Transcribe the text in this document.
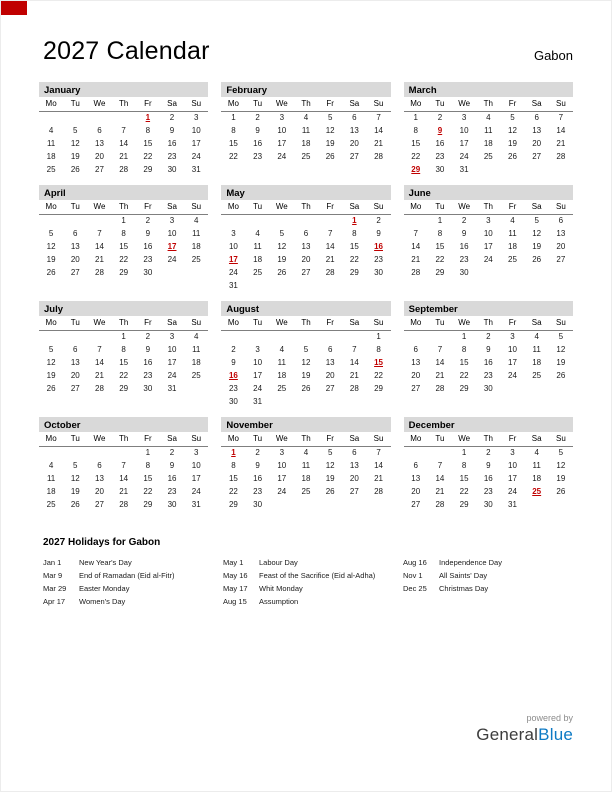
2027 Calendar	Gabon
January
Mo	Tu	We	Th	Fr	Sa	Su
				1	2	3
4	5	6	7	8	9	10
11	12	13	14	15	16	17
18	19	20	21	22	23	24
25	26	27	28	29	30	31
February
Mo	Tu	We	Th	Fr	Sa	Su
1	2	3	4	5	6	7
8	9	10	11	12	13	14
15	16	17	18	19	20	21
22	23	24	25	26	27	28
March
Mo	Tu	We	Th	Fr	Sa	Su
1	2	3	4	5	6	7
8	9	10	11	12	13	14
15	16	17	18	19	20	21
22	23	24	25	26	27	28
29	30	31				
April
Mo	Tu	We	Th	Fr	Sa	Su
			1	2	3	4
5	6	7	8	9	10	11
12	13	14	15	16	17	18
19	20	21	22	23	24	25
26	27	28	29	30		
May
Mo	Tu	We	Th	Fr	Sa	Su
					1	2
3	4	5	6	7	8	9
10	11	12	13	14	15	16
17	18	19	20	21	22	23
24	25	26	27	28	29	30
31						
June
Mo	Tu	We	Th	Fr	Sa	Su
	1	2	3	4	5	6
7	8	9	10	11	12	13
14	15	16	17	18	19	20
21	22	23	24	25	26	27
28	29	30				
July
Mo	Tu	We	Th	Fr	Sa	Su
			1	2	3	4
5	6	7	8	9	10	11
12	13	14	15	16	17	18
19	20	21	22	23	24	25
26	27	28	29	30	31	
August
Mo	Tu	We	Th	Fr	Sa	Su
						1
2	3	4	5	6	7	8
9	10	11	12	13	14	15
16	17	18	19	20	21	22
23	24	25	26	27	28	29
30	31					
September
Mo	Tu	We	Th	Fr	Sa	Su
		1	2	3	4	5
6	7	8	9	10	11	12
13	14	15	16	17	18	19
20	21	22	23	24	25	26
27	28	29	30			
October
Mo	Tu	We	Th	Fr	Sa	Su
				1	2	3
4	5	6	7	8	9	10
11	12	13	14	15	16	17
18	19	20	21	22	23	24
25	26	27	28	29	30	31
November
Mo	Tu	We	Th	Fr	Sa	Su
1	2	3	4	5	6	7
8	9	10	11	12	13	14
15	16	17	18	19	20	21
22	23	24	25	26	27	28
29	30					
December
Mo	Tu	We	Th	Fr	Sa	Su
		1	2	3	4	5
6	7	8	9	10	11	12
13	14	15	16	17	18	19
20	21	22	23	24	25	26
27	28	29	30	31		
2027 Holidays for Gabon
Jan 1	New Year's Day
Mar 9	End of Ramadan (Eid al-Fitr)
Mar 29	Easter Monday
Apr 17	Women's Day
May 1	Labour Day
May 16	Feast of the Sacrifice (Eid al-Adha)
May 17	Whit Monday
Aug 15	Assumption
Aug 16	Independence Day
Nov 1	All Saints' Day
Dec 25	Christmas Day
powered by
GeneralBlue
